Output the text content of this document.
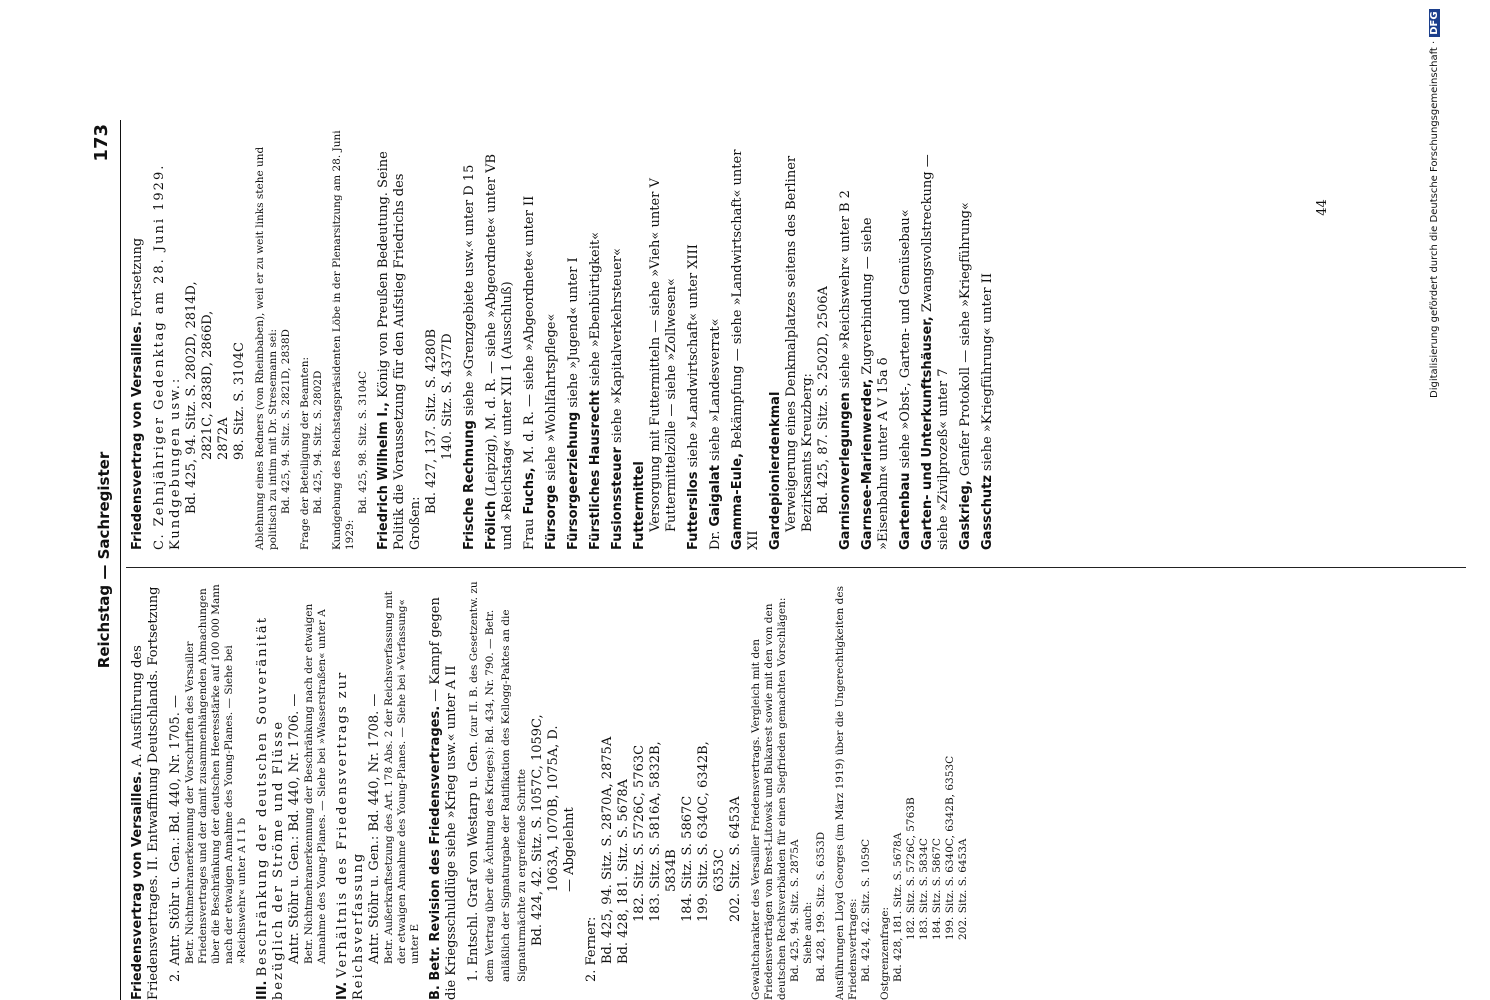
Digitalisierung gefördert durch die Deutsche Forschungsgemeinschaft ·DFG
44
Reichstag — Sachregister
173
Friedensvertrag von Versailles. A. Ausführung des Friedensvertrages. II. Entwaffnung Deutschlands. Fortsetzung 2. Antr. Stöhr u. Gen.: Bd. 440, Nr. 1705. — Betr. Nichtmehranerkennung der Vorschriften des Versailler Friedensvertrages und der damit zusammenhängenden Abmachungen über die Beschränkung der deutschen Heeresstärke auf 100 000 Mann nach der etwaigen Annahme des Young-Planes. — Siehe bei »Reichswehr« unter A I 1 b
III. Beschränkung der deutschen Souveränität bezüglich der Ströme und Flüsse Antr. Stöhr u. Gen.: Bd. 440, Nr. 1706. — Betr. Nichtmehranerkennung der Beschränkung nach der etwaigen Annahme des Young-Planes. — Siehe bei »Wasserstraßen« unter A
IV. Verhältnis des Friedensvertrags zur Reichsverfassung Antr. Stöhr u. Gen.: Bd. 440, Nr. 1708. — Betr. Außerkraftsetzung des Art. 178 Abs. 2 der Reichsverfassung mit der etwaigen Annahme des Young-Planes. — Siehe bei »Verfassung« unter E B. Betr. Revision des Friedensvertrages. — Kampf gegen die Kriegsschuldlüge siehe »Krieg usw.« unter A II 1. Entschl. Graf von Westarp u. Gen. (zur II. B. des Gesetzentw. zu dem Vertrag über die Ächtung des Krieges): Bd. 434, Nr. 790. — Betr. anläßlich der Signaturgabe der Ratifikation des Kellogg-Paktes an die Signaturmächte zu ergreifende Schritte Bd. 424, 42. Sitz. S. 1057C, 1059C, 1063A, 1070B, 1075A, D. — Abgelehnt
2. Ferner: Bd. 425, 94. Sitz. S. 2870A, 2875A Bd. 428, 181. Sitz. S. 5678A 182. Sitz. S. 5726C, 5763C 183. Sitz. S. 5816A, 5832B, 5834B 184. Sitz. S. 5867C 199. Sitz. S. 6340C, 6342B, 6353C 202. Sitz. S. 6453A Gewaltcharakter des Versailler Friedensvertrags. Vergleich mit den Friedensverträgen von Brest-Litowsk und Bukarest sowie mit den von den deutschen Rechtsverbänden für einen Siegfrieden gemachten Vorschlägen: Bd. 425, 94. Sitz. S. 2875A Siehe auch: Bd. 428, 199. Sitz. S. 6353D Ausführungen Lloyd Georges (im März 1919) über die Ungerechtigkeiten des Friedensvertrages: Bd. 424, 42. Sitz. S. 1059C Ostgrenzenfrage: Bd. 428, 181. Sitz. S. 5678A 182. Sitz. S. 5726C, 5763B 183. Sitz. S. 5834C 184. Sitz. S. 5867C 199. Sitz. S. 6340C, 6342B, 6353C 202. Sitz. S. 6453A
Friedensvertrag von Versailles. Fortsetzung C. Zehnjähriger Gedenktag am 28. Juni 1929. Kundgebungen usw.: Bd. 425, 94. Sitz. S. 2802D, 2814D, 2821C, 2838D, 2866D, 2872A 98. Sitz. S. 3104C Ablehnung eines Redners (von Rheinbaben), weil er zu weit links stehe und politisch zu intim mit Dr. Stresemann sei: Bd. 425, 94. Sitz. S. 2821D, 2838D Frage der Beteiligung der Beamten: Bd. 425, 94. Sitz. S. 2802D Kundgebung des Reichstagspräsidenten Löbe in der Plenarsitzung am 28. Juni 1929:
Bd. 425, 98. Sitz. S. 3104C Friedrich Wilhelm I., König von Preußen Bedeutung. Seine Politik die Voraussetzung für den Aufstieg Friedrichs des Großen:
Bd. 427, 137. Sitz. S. 4280B 140. Sitz. S. 4377D
Frische Rechnung siehe »Grenzgebiete usw.« unter D 15
Frölich (Leipzig), M. d. R. — siehe »Abgeordnete« unter VB und »Reichstag« unter XII 1 (Ausschluß) Frau Fuchs, M. d. R. — siehe »Abgeordnete« unter II
Fürsorge siehe »Wohlfahrtspflege« Fürsorgeerziehung siehe »Jugend« unter I
Fürstliches Hausrecht siehe »Ebenbürtigkeit«
Fusionssteuer siehe »Kapitalverkehrsteuer«
Futtermittel Versorgung mit Futtermitteln — siehe »Vieh« unter V Futtermittelzölle — siehe »Zollwesen« Futtersilos siehe »Landwirtschaft« unter XIII
Dr. Gaigalat siehe »Landesverrat«
Gamma-Eule, Bekämpfung — siehe »Landwirtschaft« unter XII Gardepionierdenkmal Verweigerung eines Denkmalplatzes seitens des Berliner Bezirksamts Kreuzberg: Bd. 425, 87. Sitz. S. 2502D, 2506A Garnisonverlegungen siehe »Reichswehr« unter B 2
Garnsee-Marienwerder, Zugverbindung — siehe »Eisenbahn« unter A V 15a δ Gartenbau siehe »Obst-, Garten- und Gemüsebau« Garten- und Unterkunftshäuser, Zwangsvollstreckung — siehe »Zivilprozeß« unter 7 Gaskrieg, Genfer Protokoll — siehe »Kriegführung«
Gasschutz siehe »Kriegführung« unter II
